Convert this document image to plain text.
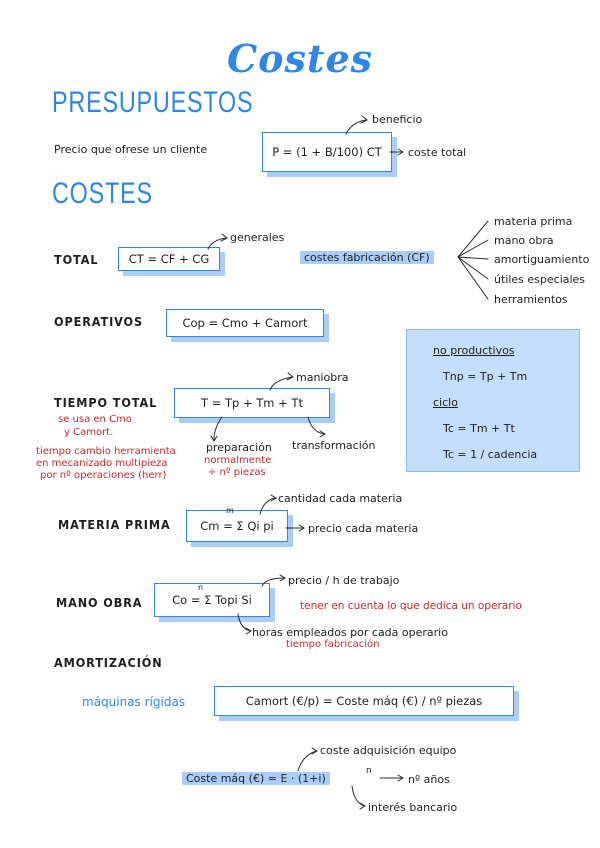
Costes
PRESUPUESTOS
Precio que ofrese un cliente	P = (1 + B/100) CT
beneficio
coste total
COSTES
TOTAL	CT = CF + CG
generales
costes fabricación (CF)
materia prima
mano obra
amortiguamiento
útiles especiales
herramientos
OPERATIVOS	Cop = Cmo + Camort
no productivos
Tnp = Tp + Tm
ciclo
Tc = Tm + Tt
Tc = 1 / cadencia
TIEMPO TOTAL	T = Tp + Tm + Tt
maniobra
preparación transformación
se usa en Cmo
y Camort.
tiempo cambio herramienta
en mecanizado multipieza
por nº operaciones (herr)
normalmente
÷ nº piezas
MATERIA PRIMA	Cm = Σ Qi pi
m
cantidad cada materia
precio cada materia
MANO OBRA	Co = Σ Topi Si
n
precio / h de trabajo
tener en cuenta lo que dedica un operario
horas empleados por cada operario
tiempo fabricación
AMORTIZACIÓN
máquinas rígidas	Camort (€/p) = Coste máq (€) / nº piezas
coste adquisición equipo
Coste máq (€) = E · (1+i)
n
nº años
interés bancario
